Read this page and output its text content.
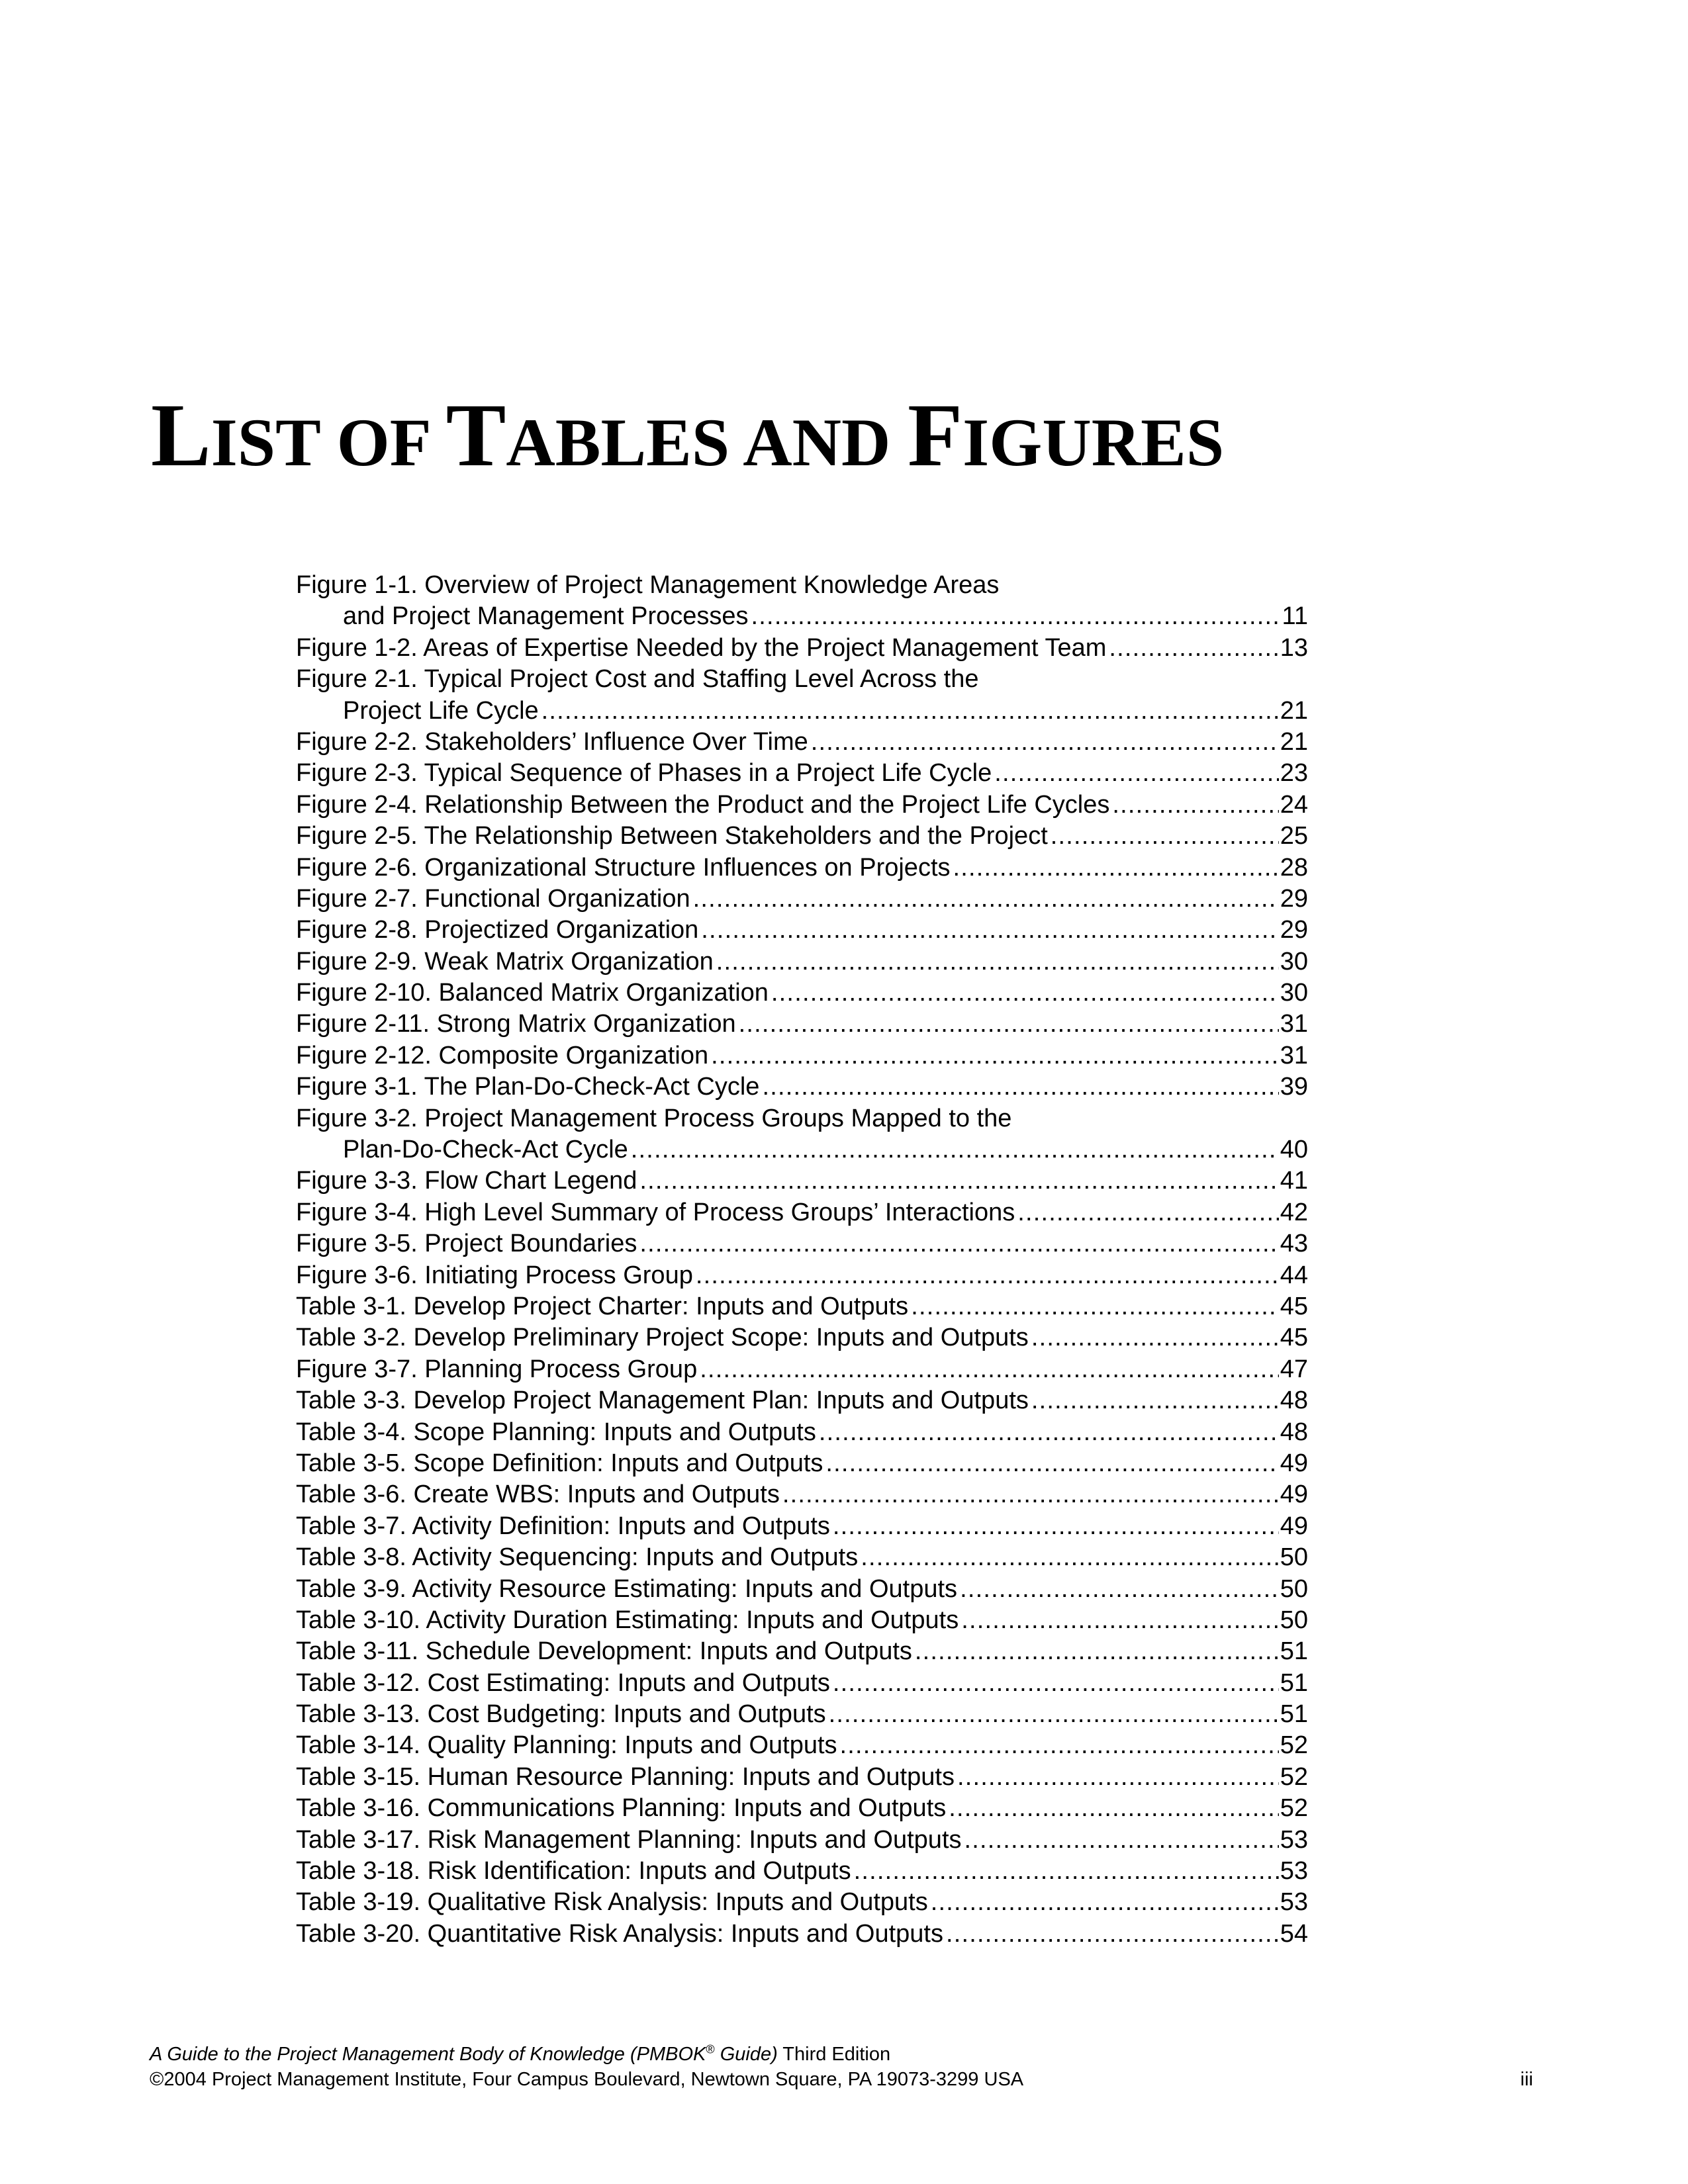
LIST OF TABLES AND FIGURES
Figure 1-1. Overview of Project Management Knowledge Areas
and Project Management Processes .....	11
Figure 1-2. Areas of Expertise Needed by the Project Management Team .....	13
Figure 2-1. Typical Project Cost and Staffing Level Across the
Project Life Cycle .....	21
Figure 2-2. Stakeholders’ Influence Over Time .....	21
Figure 2-3. Typical Sequence of Phases in a Project Life Cycle .....	23
Figure 2-4. Relationship Between the Product and the Project Life Cycles .....	24
Figure 2-5. The Relationship Between Stakeholders and the Project .....	25
Figure 2-6. Organizational Structure Influences on Projects .....	28
Figure 2-7. Functional Organization .....	29
Figure 2-8. Projectized Organization .....	29
Figure 2-9. Weak Matrix Organization .....	30
Figure 2-10. Balanced Matrix Organization .....	30
Figure 2-11. Strong Matrix Organization .....	31
Figure 2-12. Composite Organization .....	31
Figure 3-1. The Plan-Do-Check-Act Cycle .....	39
Figure 3-2. Project Management Process Groups Mapped to the
Plan-Do-Check-Act Cycle .....	40
Figure 3-3. Flow Chart Legend .....	41
Figure 3-4. High Level Summary of Process Groups’ Interactions .....	42
Figure 3-5. Project Boundaries .....	43
Figure 3-6. Initiating Process Group .....	44
Table 3-1. Develop Project Charter: Inputs and Outputs .....	45
Table 3-2. Develop Preliminary Project Scope: Inputs and Outputs .....	45
Figure 3-7. Planning Process Group .....	47
Table 3-3. Develop Project Management Plan: Inputs and Outputs .....	48
Table 3-4. Scope Planning: Inputs and Outputs .....	48
Table 3-5. Scope Definition: Inputs and Outputs .....	49
Table 3-6. Create WBS: Inputs and Outputs .....	49
Table 3-7. Activity Definition: Inputs and Outputs .....	49
Table 3-8. Activity Sequencing: Inputs and Outputs .....	50
Table 3-9. Activity Resource Estimating: Inputs and Outputs .....	50
Table 3-10. Activity Duration Estimating: Inputs and Outputs .....	50
Table 3-11. Schedule Development: Inputs and Outputs .....	51
Table 3-12. Cost Estimating: Inputs and Outputs .....	51
Table 3-13. Cost Budgeting: Inputs and Outputs .....	51
Table 3-14. Quality Planning: Inputs and Outputs .....	52
Table 3-15. Human Resource Planning: Inputs and Outputs .....	52
Table 3-16. Communications Planning: Inputs and Outputs .....	52
Table 3-17. Risk Management Planning: Inputs and Outputs .....	53
Table 3-18. Risk Identification: Inputs and Outputs .....	53
Table 3-19. Qualitative Risk Analysis: Inputs and Outputs .....	53
Table 3-20. Quantitative Risk Analysis: Inputs and Outputs .....	54
A Guide to the Project Management Body of Knowledge (PMBOK® Guide) Third Edition
©2004 Project Management Institute, Four Campus Boulevard, Newtown Square, PA 19073-3299 USA	iii
